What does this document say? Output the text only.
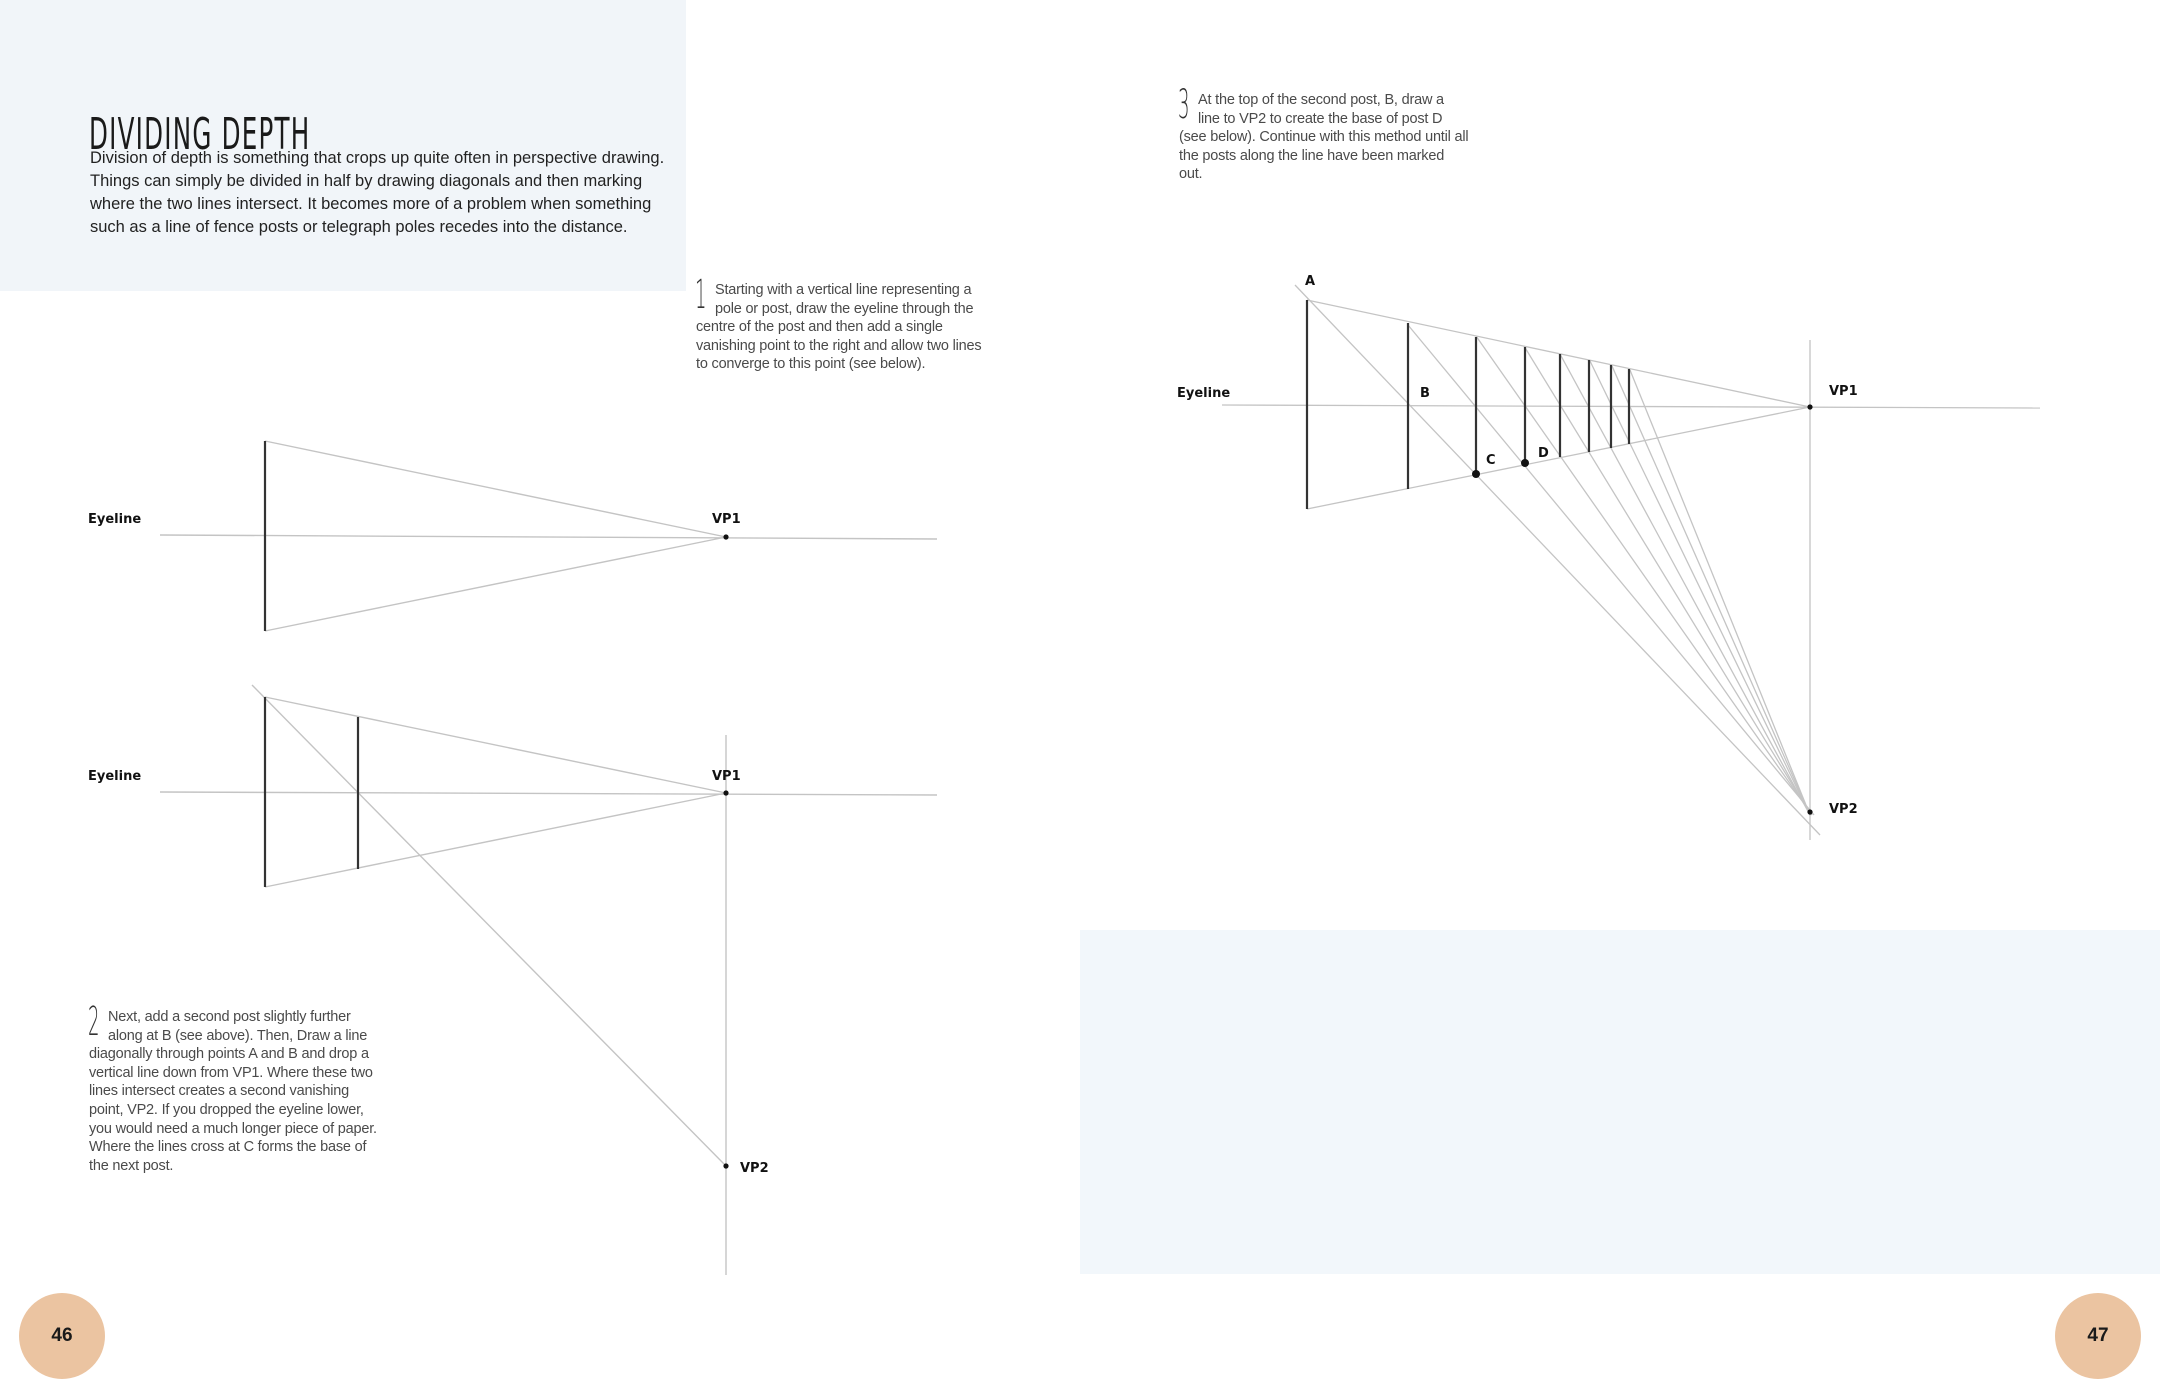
DIVIDING DEPTH

Division of depth is something that crops up quite often in perspective drawing. Things can simply be divided in half by drawing diagonals and then marking where the two lines intersect. It becomes more of a problem when something such as a line of fence posts or telegraph poles recedes into the distance.

1 Starting with a vertical line representing a pole or post, draw the eyeline through the centre of the post and then add a single vanishing point to the right and allow two lines to converge to this point (see below).
2 Next, add a second post slightly further along at B (see above). Then, Draw a line diagonally through points A and B and drop a vertical line down from VP1. Where these two lines intersect creates a second vanishing point, VP2. If you dropped the eyeline lower, you would need a much longer piece of paper. Where the lines cross at C forms the base of the next post.
3 At the top of the second post, B, draw a line to VP2 to create the base of post D (see below). Continue with this method until all the posts along the line have been marked out.
Eyeline	VP1
Eyeline	VP1
VP2
Eyeline
A
B
C	D
VP1
VP2
46	47
